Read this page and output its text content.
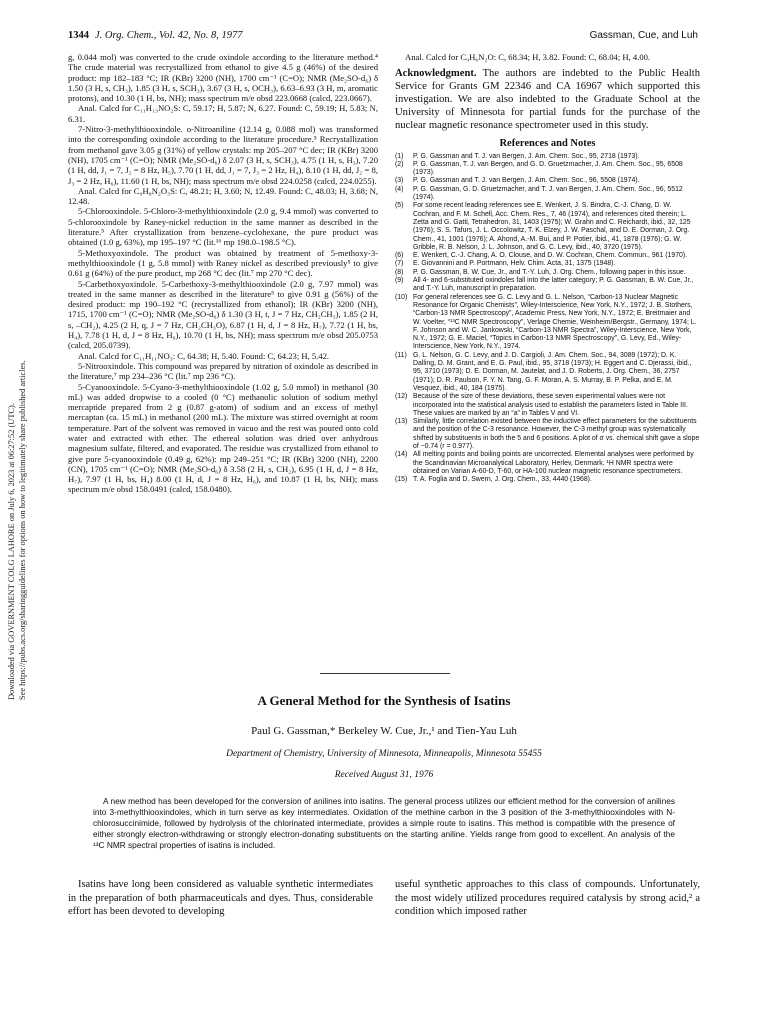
Downloaded via GOVERNMENT COLG LAHORE on July 6, 2023 at 06:27:52 (UTC). See https://pubs.acs.org/sharingguidelines for options on how to legitimately share published articles.
1344 J. Org. Chem., Vol. 42, No. 8, 1977	Gassman, Cue, and Luh

g, 0.044 mol) was converted to the crude oxindole according to the literature method.⁴ The crude material was recrystallized from ethanol to give 4.5 g (46%) of the desired product: mp 182–183 °C; IR (KBr) 3200 (NH), 1700 cm⁻¹ (C=O); NMR (Me₂SO-d₆) δ 1.50 (3 H, s, CH₃), 1.85 (3 H, s, SCH₃), 3.67 (3 H, s, OCH₃), 6.63–6.93 (3 H, m, aromatic protons), and 10.30 (1 H, bs, NH); mass spectrum m/e obsd 223.0668 (calcd, 223.0667).

Anal. Calcd for C₁₁H₁₃NO₂S: C, 59.17; H, 5.87; N, 6.27. Found: C, 59.19; H, 5.83; N, 6.31.

7-Nitro-3-methylthiooxindole. o-Nitroaniline (12.14 g, 0.088 mol) was transformed into the corresponding oxindole according to the literature procedure.⁵ Recrystallization from methanol gave 3.05 g (31%) of yellow crystals: mp 205–207 °C dec; IR (KBr) 3200 (NH), 1705 cm⁻¹ (C=O); NMR (Me₂SO-d₆) δ 2.07 (3 H, s, SCH₃), 4.75 (1 H, s, H₃), 7.20 (1 H, dd, J₁ = 7, J₂ = 8 Hz, H₅), 7.70 (1 H, dd, J₁ = 7, J₃ = 2 Hz, H₄), 8.10 (1 H, dd, J₂ = 8, J₃ = 2 Hz, H₆), 11.60 (1 H, bs, NH); mass spectrum m/e obsd 224.0258 (calcd, 224.0255).

Anal. Calcd for C₉H₈N₂O₃S: C, 48.21; H, 3.60; N, 12.49. Found: C, 48.03; H, 3.68; N, 12.48.

5-Chlorooxindole. 5-Chloro-3-methylthiooxindole (2.0 g, 9.4 mmol) was converted to 5-chlorooxindole by Raney-nickel reduction in the same manner as described in the literature.⁵ After crystallization from benzene–cyclohexane, the pure product was obtained (1.0 g, 63%), mp 195–197 °C (lit.¹⁶ mp 198.0–198.5 °C).

5-Methoxyoxindole. The product was obtained by treatment of 5-methoxy-3-methylthiooxindole (1 g, 5.8 mmol) with Raney nickel as described previously⁵ to give 0.61 g (64%) of the pure product, mp 268 °C dec (lit.⁷ mp 270 °C dec).

5-Carbethoxyoxindole. 5-Carbethoxy-3-methylthiooxindole (2.0 g, 7.97 mmol) was treated in the same manner as described in the literature⁵ to give 0.91 g (56%) of the desired product: mp 190–192 °C (recrystallized from ethanol); IR (KBr) 3200 (NH), 1715, 1700 cm⁻¹ (C=O); NMR (Me₂SO-d₆) δ 1.30 (3 H, t, J = 7 Hz, CH₂CH₃), 1.85 (2 H, s, –CH₂), 4.25 (2 H, q, J = 7 Hz, CH₂CH₃O), 6.87 (1 H, d, J = 8 Hz, H₇), 7.72 (1 H, bs, H₄), 7.78 (1 H, d, J = 8 Hz, H₆), 10.70 (1 H, bs, NH); mass spectrum m/e obsd 205.0753 (calcd, 205.0739).

Anal. Calcd for C₁₁H₁₁NO₃: C, 64.38; H, 5.40. Found: C, 64.23; H, 5.42.

5-Nitrooxindole. This compound was prepared by nitration of oxindole as described in the literature,⁷ mp 234–236 °C (lit.⁷ mp 236 °C).

5-Cyanooxindole. 5-Cyano-3-methylthiooxindole (1.02 g, 5.0 mmol) in methanol (30 mL) was added dropwise to a cooled (0 °C) methanolic solution of sodium methyl mercaptide prepared from 2 g (0.87 g-atom) of sodium and an excess of methyl mercaptan (ca. 15 mL) in methanol (200 mL). The mixture was stirred overnight at room temperature. Part of the solvent was removed in vacuo and the rest was poured onto cold water and extracted with ether. The ethereal solution was dried over anhydrous magnesium sulfate, filtered, and evaporated. The residue was crystallized from ethanol to give pure 5-cyanooxindole (0.49 g, 62%): mp 249–251 °C; IR (KBr) 3200 (NH), 2200 (CN), 1705 cm⁻¹ (C=O); NMR (Me₂SO-d₆) δ 3.58 (2 H, s, CH₂), 6.95 (1 H, d, J = 8 Hz, H₇), 7.97 (1 H, bs, H₄) 8.00 (1 H, d, J = 8 Hz, H₆), and 10.87 (1 H, bs, NH); mass spectrum m/e obsd 158.0491 (calcd, 158.0480).

Anal. Calcd for C₉H₆N₂O: C, 68.34; H, 3.82. Found: C, 68.04; H, 4.00.

Acknowledgment. The authors are indebted to the Public Health Service for Grants GM 22346 and CA 16967 which supported this investigation. We are also indebted to the Graduate School at the University of Minnesota for partial funds for the purchase of the nuclear magnetic resonance spectrometer used in this study.
References and Notes
(1)	P. G. Gassman and T. J. van Bergen, J. Am. Chem. Soc., 95, 2718 (1973).
(2)	P. G. Gassman, T. J. van Bergen, and G. D. Gruetzmacher, J. Am. Chem. Soc., 95, 6508 (1973).
(3)	P. G. Gassman and T. J. van Bergen, J. Am. Chem. Soc., 96, 5508 (1974).
(4)	P. G. Gassman, G. D. Gruetzmacher, and T. J. van Bergen, J. Am. Chem. Soc., 96, 5512 (1974).
(5)	For some recent leading references see E. Wenkert, J. S. Bindra, C.-J. Chang, D. W. Cochran, and F. M. Schell, Acc. Chem. Res., 7, 46 (1974), and references cited therein; L. Zetta and G. Gatti, Tetrahedron, 31, 1403 (1975); W. Grahn and C. Reichardt, ibid., 32, 125 (1976); S. S. Tafurs, J. L. Occolowitz, T. K. Elzey, J. W. Paschal, and D. E. Dorman, J. Org. Chem., 41, 1001 (1976); A. Ahond, A.-M. Bui, and P. Potier, ibid., 41, 1878 (1976); G. W. Gribble, R. B. Nelson, J. L. Johnson, and G. C. Levy, ibid., 40, 3720 (1975).
(6)	E. Wenkert, C.-J. Chang, A. O. Clouse, and D. W. Cochran, Chem. Commun., 961 (1970).
(7)	E. Giovannini and P. Portmann, Helv. Chim. Acta, 31, 1375 (1948).
(8)	P. G. Gassman, B. W. Cue, Jr., and T.-Y. Luh, J. Org. Chem., following paper in this issue.
(9)	All 4- and 6-substituted oxindoles fall into the latter category; P. G. Gassman, B. W. Cue, Jr., and T.-Y. Luh, manuscript in preparation.
(10) For general references see G. C. Levy and G. L. Nelson, “Carbon-13 Nuclear Magnetic Resonance for Organic Chemists”, Wiley-Interscience, New York, N.Y., 1972; J. B. Stothers, “Carbon-13 NMR Spectroscopy”, Academic Press, New York, N.Y., 1972; E. Breitmaier and W. Voelter, “¹³C NMR Spectroscopy”, Verlage Chemie, Weinheim/Bergstr., Germany, 1974; L. F. Johnson and W. C. Jankowski, “Carbon-13 NMR Spectra”, Wiley-Interscience, New York, N.Y., 1972; G. E. Maciel, “Topics in Carbon-13 NMR Spectroscopy”, G. Levy, Ed., Wiley-Interscience, New York, N.Y., 1974.
(11) G. L. Nelson, G. C. Levy, and J. D. Cargioli, J. Am. Chem. Soc., 94, 3089 (1972); D. K. Dalling, D. M. Grant, and E. G. Paul, ibid., 95, 3718 (1973); H. Eggert and C. Djerassi, ibid., 95, 3710 (1973); D. E. Dorman, M. Jautelat, and J. D. Roberts, J. Org. Chem., 36, 2757 (1971); D. R. Paulson, F. Y. N. Tang, G. F. Moran, A. S. Murray, B. P. Pelka, and E. M. Vesquez, ibid., 40, 184 (1975).
(12) Because of the size of these deviations, these seven experimental values were not incorporated into the statistical analysis used to establish the parameters listed in Table III. These values are marked by an “a” in Tables V and VI.
(13) Similarly, little correlation existed between the inductive effect parameters for the substituents and the position of the C-3 resonance. However, the C-3 methyl group was systematically shifted by substituents in both the 5 and 6 positions. A plot of σ vs. chemical shift gave a slope of −0.74 (r = 0.977).
(14) All melting points and boiling points are uncorrected. Elemental analyses were performed by the Scandinavian Microanalytical Laboratory, Herlev, Denmark. ¹H NMR spectra were obtained on Varian A-60-D, T-60, or HA-100 nuclear magnetic resonance spectrometers.
(15) T. A. Foglia and D. Swern, J. Org. Chem., 33, 4440 (1968).
A General Method for the Synthesis of Isatins
Paul G. Gassman,* Berkeley W. Cue, Jr.,¹ and Tien-Yau Luh
Department of Chemistry, University of Minnesota, Minneapolis, Minnesota 55455
Received August 31, 1976

A new method has been developed for the conversion of anilines into isatins. The general process utilizes our efficient method for the conversion of anilines into 3-methylthiooxindoles, which in turn serve as key intermediates. Oxidation of the methine carbon in the 3 position of the 3-methylthiooxindoles with N-chlorosuccinimide, followed by hydrolysis of the chlorinated intermediate, provides a simple route to isatins. This method is compatible with the presence of either strongly electron-withdrawing or strongly electron-donating substituents on the starting aniline. Yields range from good to excellent. An analysis of the ¹³C NMR spectral properties of isatins is included.

Isatins have long been considered as valuable synthetic intermediates in the preparation of both pharmaceuticals and dyes. Thus, considerable effort has been devoted to developing

useful synthetic approaches to this class of compounds. Unfortunately, the most widely utilized procedures required catalysis by strong acid,² a condition which imposed rather
